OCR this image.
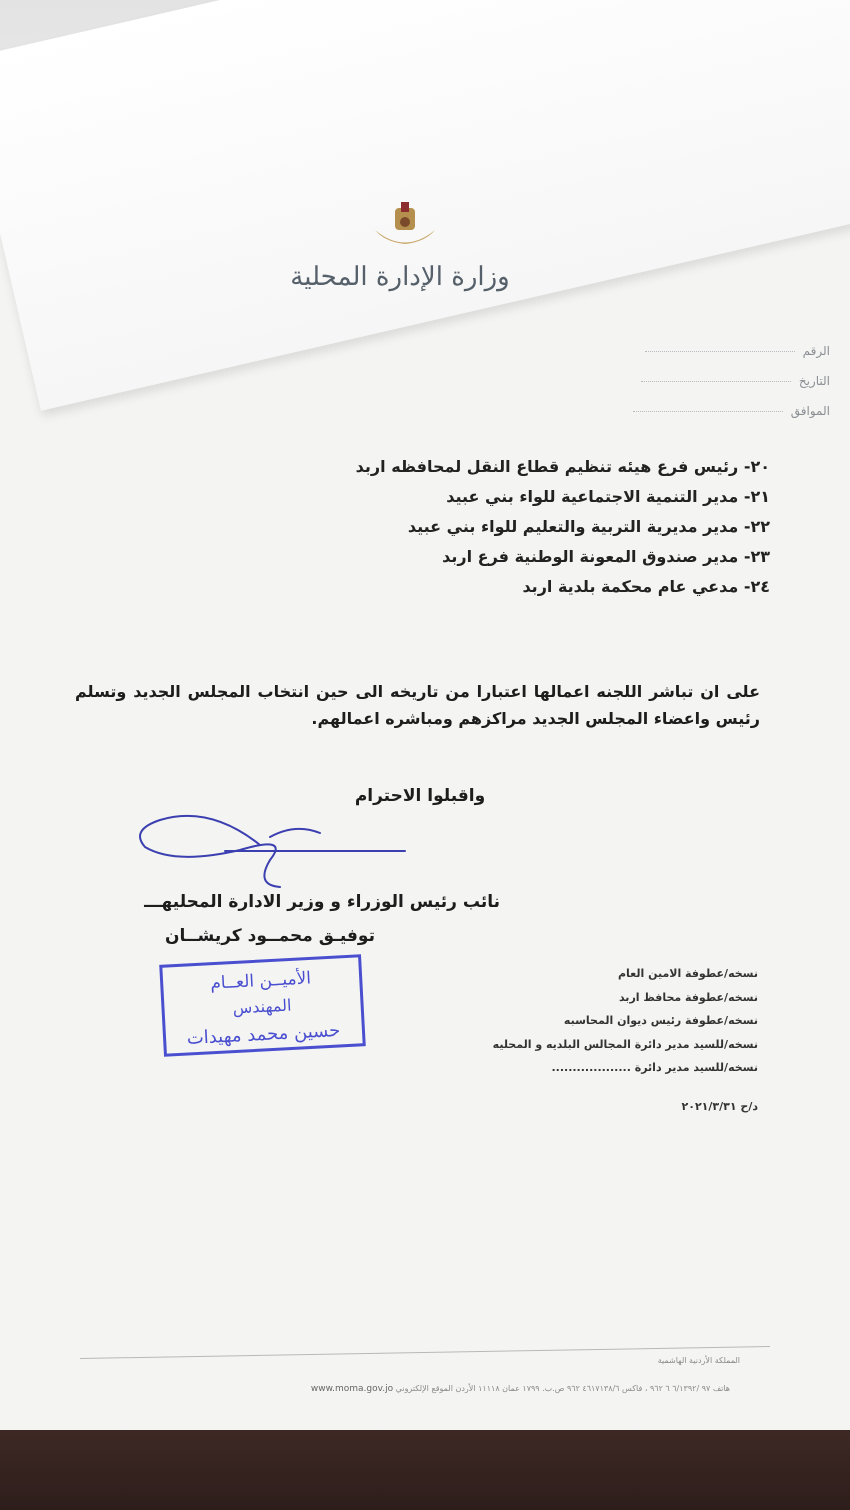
وزارة الإدارة المحلية
الرقم
التاريخ
الموافق
٢٠- رئيس فرع هيئه تنظيم قطاع النقل لمحافظه اربد
٢١- مدير التنمية الاجتماعية للواء بني عبيد
٢٢- مدير مديرية التربية والتعليم للواء بني عبيد
٢٣- مدير صندوق المعونة الوطنية فرع اربد
٢٤- مدعي عام محكمة بلدية اربد
على ان تباشر اللجنه اعمالها اعتبارا من تاريخه الى حين انتخاب المجلس الجديد وتسلم رئيس واعضاء المجلس الجديد مراكزهم ومباشره اعمالهم.
واقبلوا الاحترام
نائب رئيس الوزراء و وزير الادارة المحليهـــ
توفيـق محمــود كريشــان
الأميــن العــام
المهندس
حسين محمد مهيدات
نسخه/عطوفة الامين العام
نسخه/عطوفة محافظ اربد
نسخه/عطوفة رئيس ديوان المحاسبه
نسخه/للسيد مدير دائرة المجالس البلديه و المحليه
نسخه/للسيد مدير دائرة ...................
د/ح ٢٠٢١/٣/٣١
المملكة الأردنية الهاشمية
هاتف ٩٧ /٦/١٣٩٢ ٦ ٩٦٢ ، فاكس ٤٦١٧١٣٨/٦ ٩٦٢ ص.ب. ١٧٩٩ عمان ١١١١٨ الأردن الموقع الإلكتروني www.moma.gov.jo
